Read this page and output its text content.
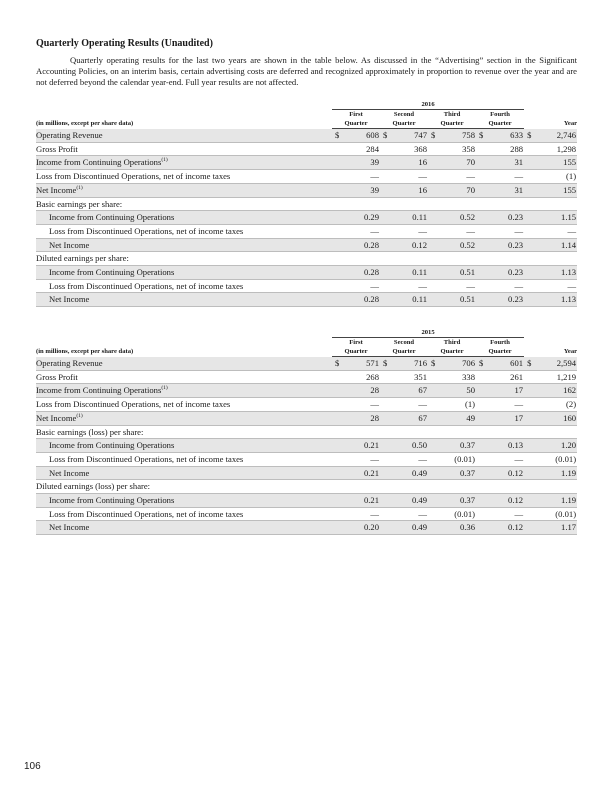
Quarterly Operating Results (Unaudited)

Quarterly operating results for the last two years are shown in the table below. As discussed in the “Advertising” section in the Significant Accounting Policies, on an interim basis, certain advertising costs are deferred and recognized approximately in proportion to revenue over the year and are not deferred beyond the calendar year-end. Full year results are not affected.

	2016									
	First		Second		Third		Fourth			
(in millions, except per share data)	Quarter		Quarter		Quarter		Quarter		Year	
Operating Revenue	$	608	$	747	$	758	$	633	$	2,746
Gross Profit		284		368		358		288		1,298
Income from Continuing Operations$^{(1)}$		39		16		70		31		155
Loss from Discontinued Operations, net of income taxes		—		—		—		—		(1)
Net Income$^{(1)}$		39		16		70		31		155
Basic earnings per share:										
Income from Continuing Operations		0.29		0.11		0.52		0.23		1.15
Loss from Discontinued Operations, net of income taxes		—		—		—		—		—
Net Income		0.28		0.12		0.52		0.23		1.14
Diluted earnings per share:										
Income from Continuing Operations		0.28		0.11		0.51		0.23		1.13
Loss from Discontinued Operations, net of income taxes		—		—		—		—		—
Net Income		0.28		0.11		0.51		0.23		1.13
	2015									
	First		Second		Third		Fourth			
(in millions, except per share data)	Quarter		Quarter		Quarter		Quarter		Year	
Operating Revenue	$	571	$	716	$	706	$	601	$	2,594
Gross Profit		268		351		338		261		1,219
Income from Continuing Operations$^{(1)}$		28		67		50		17		162
Loss from Discontinued Operations, net of income taxes		—		—		(1)		—		(2)
Net Income$^{(1)}$		28		67		49		17		160
Basic earnings (loss) per share:										
Income from Continuing Operations		0.21		0.50		0.37		0.13		1.20
Loss from Discontinued Operations, net of income taxes		—		—		(0.01)		—		(0.01)
Net Income		0.21		0.49		0.37		0.12		1.19
Diluted earnings (loss) per share:										
Income from Continuing Operations		0.21		0.49		0.37		0.12		1.19
Loss from Discontinued Operations, net of income taxes		—		—		(0.01)		—		(0.01)
Net Income		0.20		0.49		0.36		0.12		1.17
106
